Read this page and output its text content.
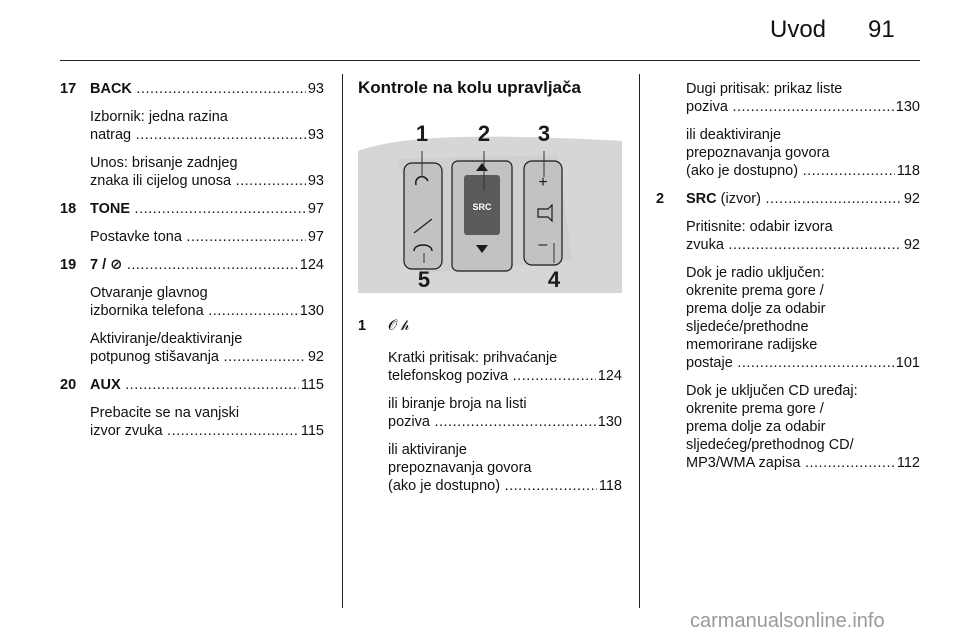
Uvod 91
17 BACK .....	93
Izbornik: jedna razina
natrag .....	93
Unos: brisanje zadnjeg
znaka ili cijelog unosa .....	93
18 TONE .....	97
Postavke tona .....	97
19 7 / ⊘ .....	124
Otvaranje glavnog
izbornika telefona .....	130
Aktiviranje/deaktiviranje
potpunog stišavanja .....	92
20 AUX .....	115
Prebacite se na vanjski
izvor zvuka .....	115
Kontrole na kolu upravljača
SRC
+
–
1 2 3
4
5
1 𝒪 𝒽
Kratki pritisak: prihvaćanje
telefonskog poziva .....	124
ili biranje broja na listi
poziva .....	130
ili aktiviranje
prepoznavanja govora
(ako je dostupno) .....	118
Dugi pritisak: prikaz liste
poziva .....	130
ili deaktiviranje
prepoznavanja govora
(ako je dostupno) .....	118
2 SRC (izvor) .....	92
Pritisnite: odabir izvora
zvuka .....	92
Dok je radio uključen:
okrenite prema gore /
prema dolje za odabir
sljedeće/prethodne
memorirane radijske
postaje .....	101
Dok je uključen CD uređaj:
okrenite prema gore /
prema dolje za odabir
sljedećeg/prethodnog CD/
MP3/WMA zapisa .....	112
carmanualsonline.info
